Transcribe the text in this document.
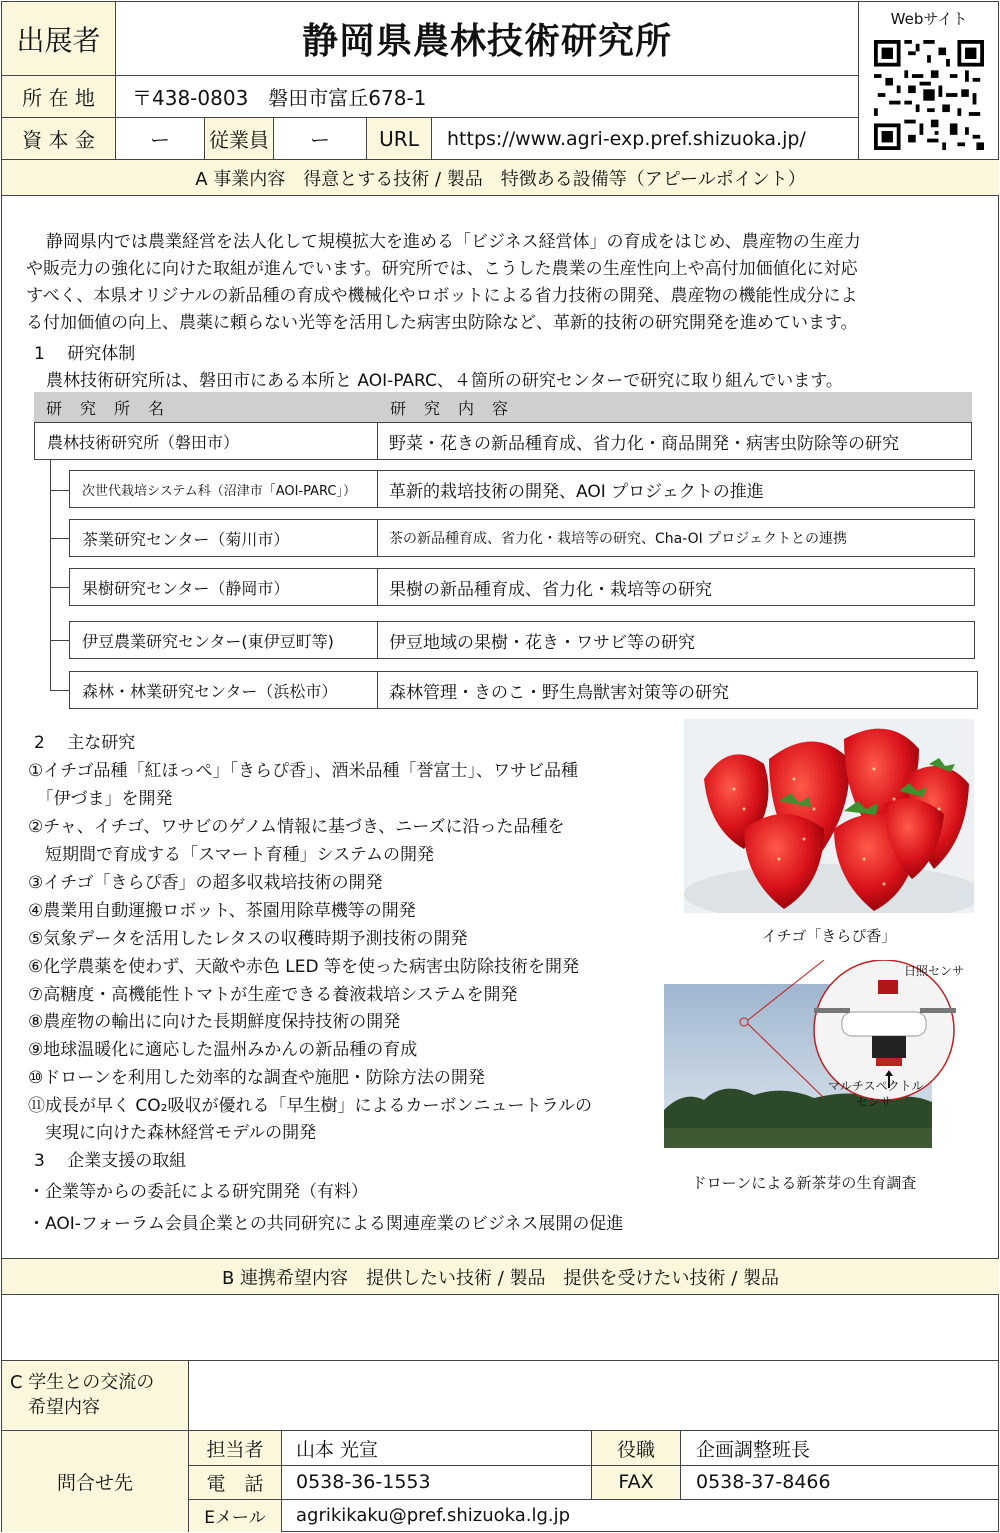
出展者	静岡県農林技術研究所
所 在 地	〒438-0803　磐田市富丘678-1
資 本 金	ー	従業員	ー	URL	https://www.agri-exp.pref.shizuoka.jp/
Webサイト
A 事業内容　得意とする技術 / 製品　特徴ある設備等（アピールポイント）
静岡県内では農業経営を法人化して規模拡大を進める「ビジネス経営体」の育成をはじめ、農産物の生産力
や販売力の強化に向けた取組が進んでいます。研究所では、こうした農業の生産性向上や高付加価値化に対応
すべく、本県オリジナルの新品種の育成や機械化やロボットによる省力技術の開発、農産物の機能性成分によ
る付加価値の向上、農薬に頼らない光等を活用した病害虫防除など、革新的技術の研究開発を進めています。
1　 研究体制
農林技術研究所は、磐田市にある本所と AOI-PARC、４箇所の研究センターで研究に取り組んでいます。
研　究　所　名	研　究　内　容
農林技術研究所（磐田市）	野菜・花きの新品種育成、省力化・商品開発・病害虫防除等の研究
次世代栽培システム科（沼津市「AOI-PARC」） 革新的栽培技術の開発、AOI プロジェクトの推進
茶業研究センター（菊川市）	茶の新品種育成、省力化・栽培等の研究、Cha-OI プロジェクトとの連携
果樹研究センター（静岡市）	果樹の新品種育成、省力化・栽培等の研究
伊豆農業研究センター(東伊豆町等)	伊豆地域の果樹・花き・ワサビ等の研究
森林・林業研究センター（浜松市）	森林管理・きのこ・野生鳥獣害対策等の研究
2　 主な研究
①イチゴ品種「紅ほっぺ」「きらぴ香」、酒米品種「誉富士」、ワサビ品種
　「伊づま」を開発
②チャ、イチゴ、ワサビのゲノム情報に基づき、ニーズに沿った品種を
　短期間で育成する「スマート育種」システムの開発
③イチゴ「きらぴ香」の超多収栽培技術の開発
④農業用自動運搬ロボット、茶園用除草機等の開発
⑤気象データを活用したレタスの収穫時期予測技術の開発
⑥化学農薬を使わず、天敵や赤色 LED 等を使った病害虫防除技術を開発
⑦高糖度・高機能性トマトが生産できる養液栽培システムを開発
⑧農産物の輸出に向けた長期鮮度保持技術の開発
⑨地球温暖化に適応した温州みかんの新品種の育成
⑩ドローンを利用した効率的な調査や施肥・防除方法の開発
⑪成長が早く CO₂吸収が優れる「早生樹」によるカーボンニュートラルの
　実現に向けた森林経営モデルの開発
3　 企業支援の取組
・企業等からの委託による研究開発（有料）
・AOI-フォーラム会員企業との共同研究による関連産業のビジネス展開の促進
イチゴ「きらぴ香」
日照センサ
マルチスペクトル
センサ
ドローンによる新茶芽の生育調査
B 連携希望内容　提供したい技術 / 製品　提供を受けたい技術 / 製品
C 学生との交流の
　希望内容
問合せ先
担当者	山本 光宣	役職	企画調整班長
電　話	0538-36-1553	FAX	0538-37-8466
Eメール	agrikikaku@pref.shizuoka.lg.jp
